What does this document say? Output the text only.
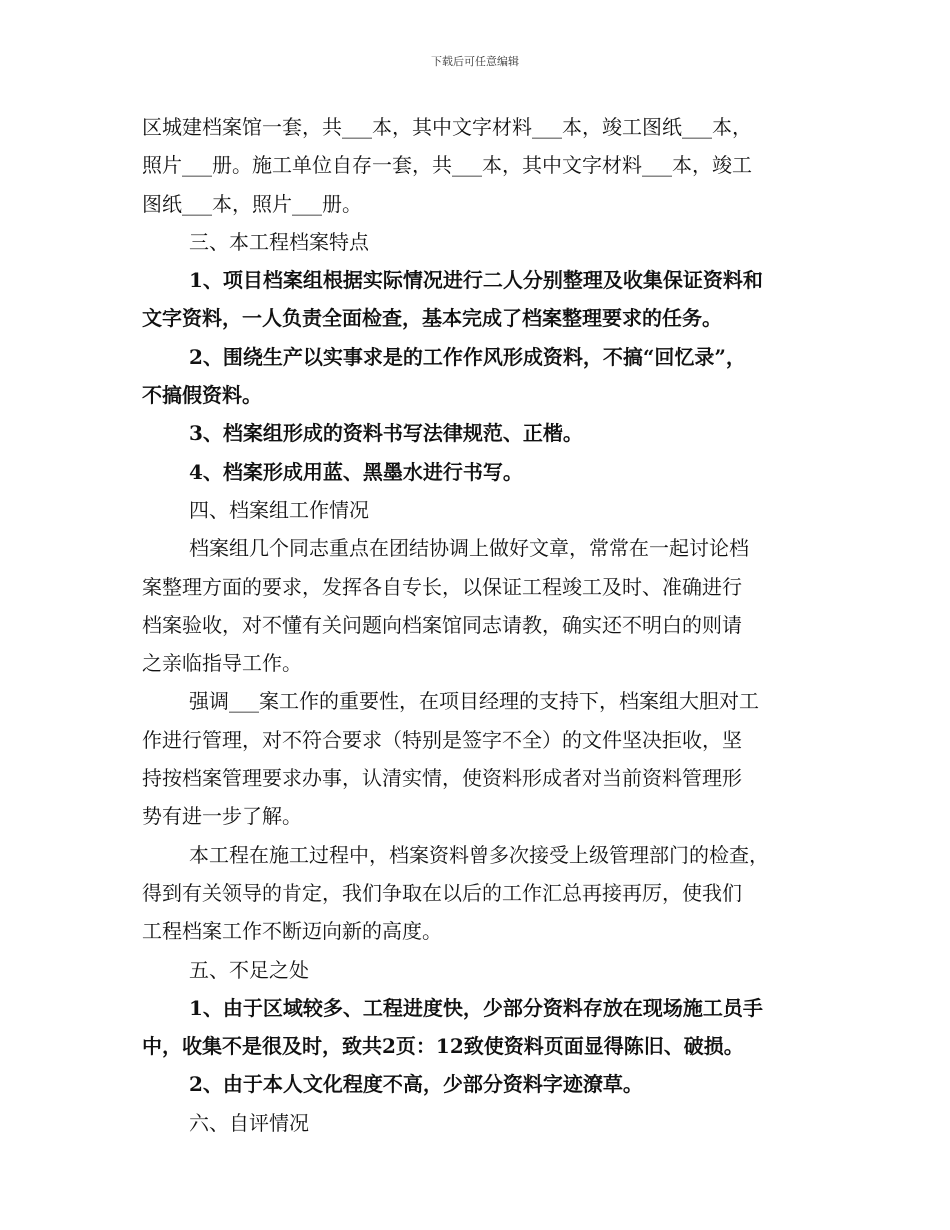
下载后可任意编辑
区城建档案馆一套，共___本，其中文字材料___本，竣工图纸___本，
照片___册。施工单位自存一套，共___本，其中文字材料___本，竣工
图纸___本，照片___册。
三、本工程档案特点
1、项目档案组根据实际情况进行二人分别整理及收集保证资料和
文字资料，一人负责全面检查，基本完成了档案整理要求的任务。
2、围绕生产以实事求是的工作作风形成资料，不搞“回忆录”，
不搞假资料。
3、档案组形成的资料书写法律规范、正楷。
4、档案形成用蓝、黑墨水进行书写。
四、档案组工作情况
档案组几个同志重点在团结协调上做好文章，常常在一起讨论档
案整理方面的要求，发挥各自专长，以保证工程竣工及时、准确进行
档案验收，对不懂有关问题向档案馆同志请教，确实还不明白的则请
之亲临指导工作。
强调___案工作的重要性，在项目经理的支持下，档案组大胆对工
作进行管理，对不符合要求（特别是签字不全）的文件坚决拒收，坚
持按档案管理要求办事，认清实情，使资料形成者对当前资料管理形
势有进一步了解。
本工程在施工过程中，档案资料曾多次接受上级管理部门的检查，
得到有关领导的肯定，我们争取在以后的工作汇总再接再厉，使我们
工程档案工作不断迈向新的高度。
五、不足之处
1、由于区域较多、工程进度快，少部分资料存放在现场施工员手
中，收集不是很及时，致共2页：12致使资料页面显得陈旧、破损。
2、由于本人文化程度不高，少部分资料字迹潦草。
六、自评情况
